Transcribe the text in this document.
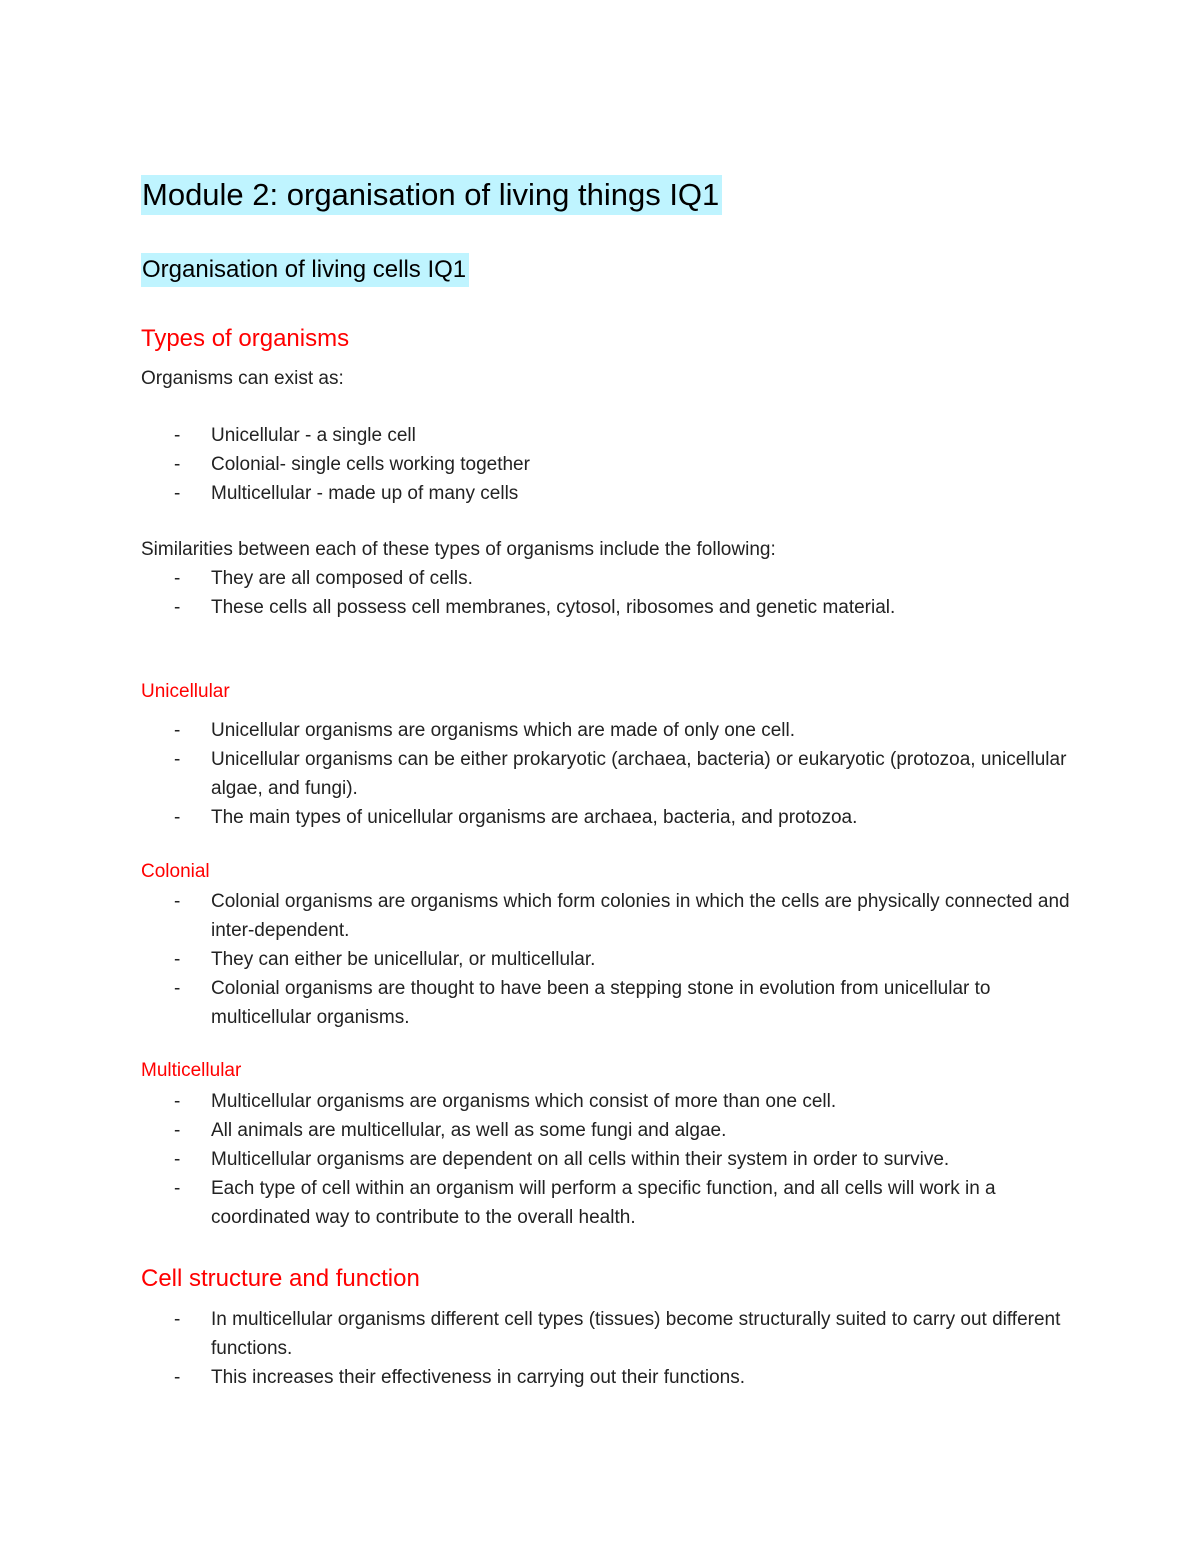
Module 2: organisation of living things IQ1
Organisation of living cells IQ1
Types of organisms
Organisms can exist as:
- Unicellular - a single cell
- Colonial- single cells working together
- Multicellular - made up of many cells
Similarities between each of these types of organisms include the following:
- They are all composed of cells.
- These cells all possess cell membranes, cytosol, ribosomes and genetic material.
Unicellular
- Unicellular organisms are organisms which are made of only one cell.
- Unicellular organisms can be either prokaryotic (archaea, bacteria) or eukaryotic (protozoa, unicellular algae, and fungi).
- The main types of unicellular organisms are archaea, bacteria, and protozoa.
Colonial
- Colonial organisms are organisms which form colonies in which the cells are physically connected and inter-dependent.
- They can either be unicellular, or multicellular.
- Colonial organisms are thought to have been a stepping stone in evolution from unicellular to multicellular organisms.
Multicellular
- Multicellular organisms are organisms which consist of more than one cell.
- All animals are multicellular, as well as some fungi and algae.
- Multicellular organisms are dependent on all cells within their system in order to survive.
- Each type of cell within an organism will perform a specific function, and all cells will work in a coordinated way to contribute to the overall health.
Cell structure and function
- In multicellular organisms different cell types (tissues) become structurally suited to carry out different functions.
- This increases their effectiveness in carrying out their functions.
